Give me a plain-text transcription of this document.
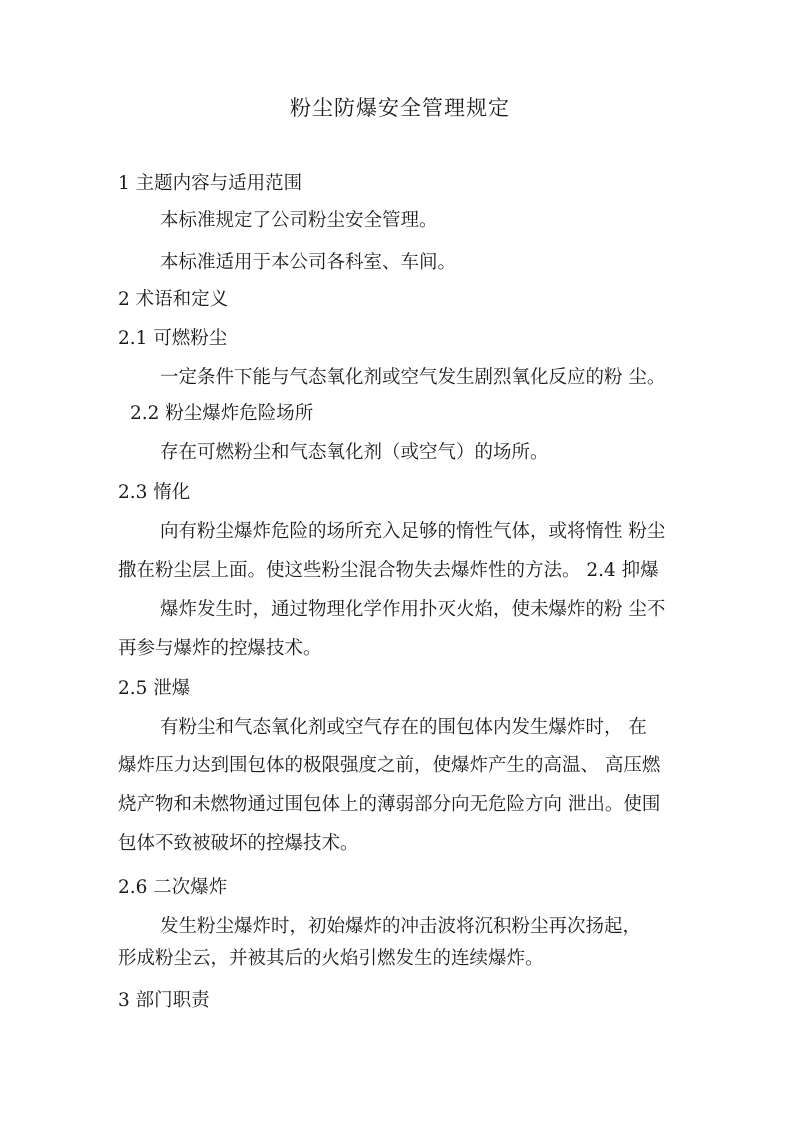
粉尘防爆安全管理规定
1 主题内容与适用范围
本标准规定了公司粉尘安全管理。
本标准适用于本公司各科室、车间。
2 术语和定义
2.1 可燃粉尘
一定条件下能与气态氧化剂或空气发生剧烈氧化反应的粉 尘。
2.2 粉尘爆炸危险场所
存在可燃粉尘和气态氧化剂（或空气）的场所。
2.3 惰化
向有粉尘爆炸危险的场所充入足够的惰性气体，或将惰性 粉尘
撒在粉尘层上面。使这些粉尘混合物失去爆炸性的方法。 2.4 抑爆
爆炸发生时，通过物理化学作用扑灭火焰，使未爆炸的粉 尘不
再参与爆炸的控爆技术。
2.5 泄爆
有粉尘和气态氧化剂或空气存在的围包体内发生爆炸时， 在
爆炸压力达到围包体的极限强度之前，使爆炸产生的高温、 高压燃
烧产物和未燃物通过围包体上的薄弱部分向无危险方向 泄出。使围
包体不致被破坏的控爆技术。
2.6 二次爆炸
发生粉尘爆炸时，初始爆炸的冲击波将沉积粉尘再次扬起，
形成粉尘云，并被其后的火焰引燃发生的连续爆炸。
3 部门职责
